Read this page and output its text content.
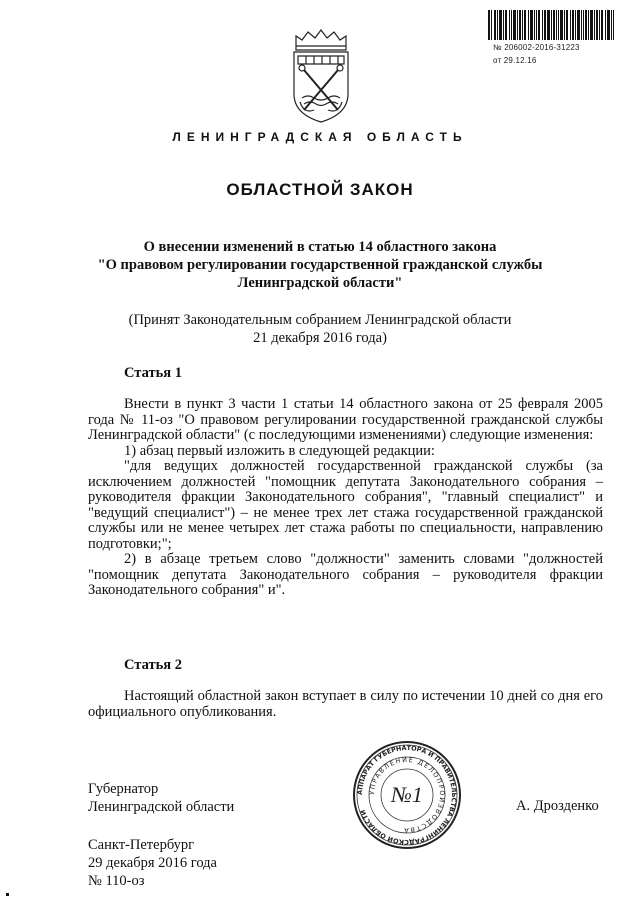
№ 206002-2016-31223
от 29.12.16
ЛЕНИНГРАДСКАЯ ОБЛАСТЬ
ОБЛАСТНОЙ ЗАКОН
О внесении изменений в статью 14 областного закона
"О правовом регулировании государственной гражданской службы
Ленинградской области"
(Принят Законодательным собранием Ленинградской области
21 декабря 2016 года)
Статья 1

Внести в пункт 3 части 1 статьи 14 областного закона от 25 февраля 2005 года № 11-оз "О правовом регулировании государственной гражданской службы Ленинградской области" (с последующими изменениями) следующие изменения:

1) абзац первый изложить в следующей редакции:

"для ведущих должностей государственной гражданской службы (за исключением должностей "помощник депутата Законодательного собрания – руководителя фракции Законодательного собрания", "главный специалист" и "ведущий специалист") – не менее трех лет стажа государственной гражданской службы или не менее четырех лет стажа работы по специальности, направлению подготовки;";

2) в абзаце третьем слово "должности" заменить словами "должностей "помощник депутата Законодательного собрания – руководителя фракции Законодательного собрания" и".

Статья 2

Настоящий областной закон вступает в силу по истечении 10 дней со дня его официального опубликования.

Губернатор
Ленинградской области	А. Дрозденко
АППАРАТ ГУБЕРНАТОРА И ПРАВИТЕЛЬСТВА ЛЕНИНГРАДСКОЙ ОБЛАСТИ
УПРАВЛЕНИЕ ДЕЛОПРОИЗВОДСТВА
№1
Санкт-Петербург
29 декабря 2016 года
№ 110-оз
